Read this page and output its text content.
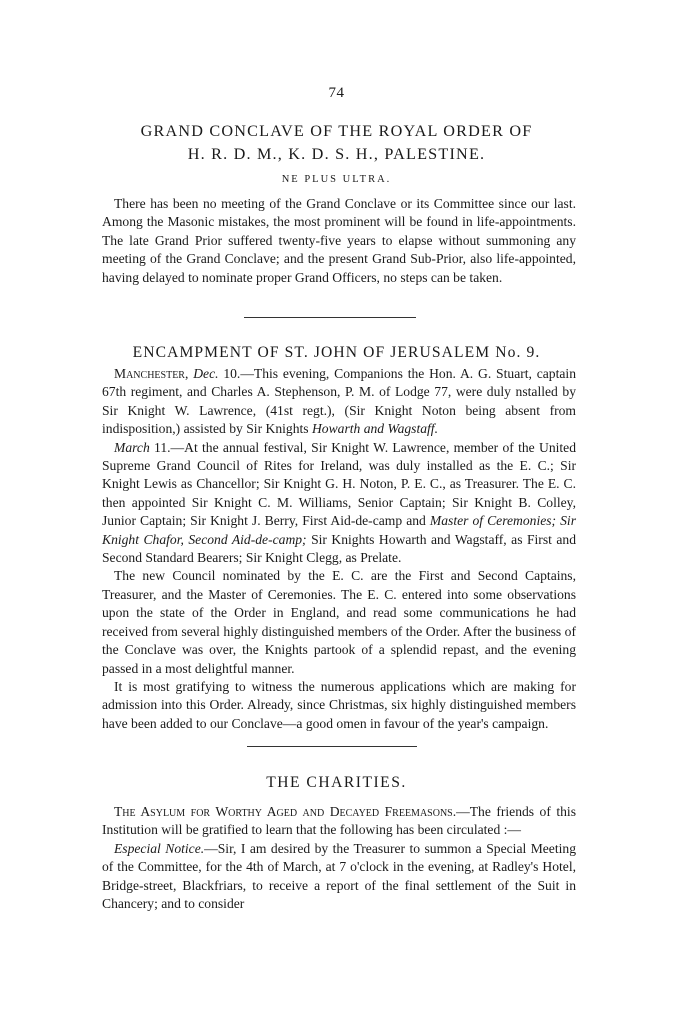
74
GRAND CONCLAVE OF THE ROYAL ORDER OF
H. R. D. M., K. D. S. H., PALESTINE.
NE PLUS ULTRA.

There has been no meeting of the Grand Conclave or its Committee since our last. Among the Masonic mistakes, the most prominent will be found in life-appointments. The late Grand Prior suffered twenty-five years to elapse without summoning any meeting of the Grand Conclave; and the present Grand Sub-Prior, also life-appointed, having delayed to nominate proper Grand Officers, no steps can be taken.

ENCAMPMENT OF ST. JOHN OF JERUSALEM No. 9.

Manchester, Dec. 10.—This evening, Companions the Hon. A. G. Stuart, captain 67th regiment, and Charles A. Stephenson, P. M. of Lodge 77, were duly nstalled by Sir Knight W. Lawrence, (41st regt.), (Sir Knight Noton being absent from indisposition,) assisted by Sir Knights Howarth and Wagstaff.

March 11.—At the annual festival, Sir Knight W. Lawrence, member of the United Supreme Grand Council of Rites for Ireland, was duly installed as the E. C.; Sir Knight Lewis as Chancellor; Sir Knight G. H. Noton, P. E. C., as Treasurer. The E. C. then appointed Sir Knight C. M. Williams, Senior Captain; Sir Knight B. Colley, Junior Captain; Sir Knight J. Berry, First Aid-de-camp and Master of Ceremonies; Sir Knight Chafor, Second Aid-de-camp; Sir Knights Howarth and Wagstaff, as First and Second Standard Bearers; Sir Knight Clegg, as Prelate.

The new Council nominated by the E. C. are the First and Second Captains, Treasurer, and the Master of Ceremonies. The E. C. entered into some observations upon the state of the Order in England, and read some communications he had received from several highly distinguished members of the Order. After the business of the Conclave was over, the Knights partook of a splendid repast, and the evening passed in a most delightful manner.

It is most gratifying to witness the numerous applications which are making for admission into this Order. Already, since Christmas, six highly distinguished members have been added to our Conclave—a good omen in favour of the year's campaign.

THE CHARITIES.

The Asylum for Worthy Aged and Decayed Freemasons.—The friends of this Institution will be gratified to learn that the following has been circulated :—

Especial Notice.—Sir, I am desired by the Treasurer to summon a Special Meeting of the Committee, for the 4th of March, at 7 o'clock in the evening, at Radley's Hotel, Bridge-street, Blackfriars, to receive a report of the final settlement of the Suit in Chancery; and to consider
